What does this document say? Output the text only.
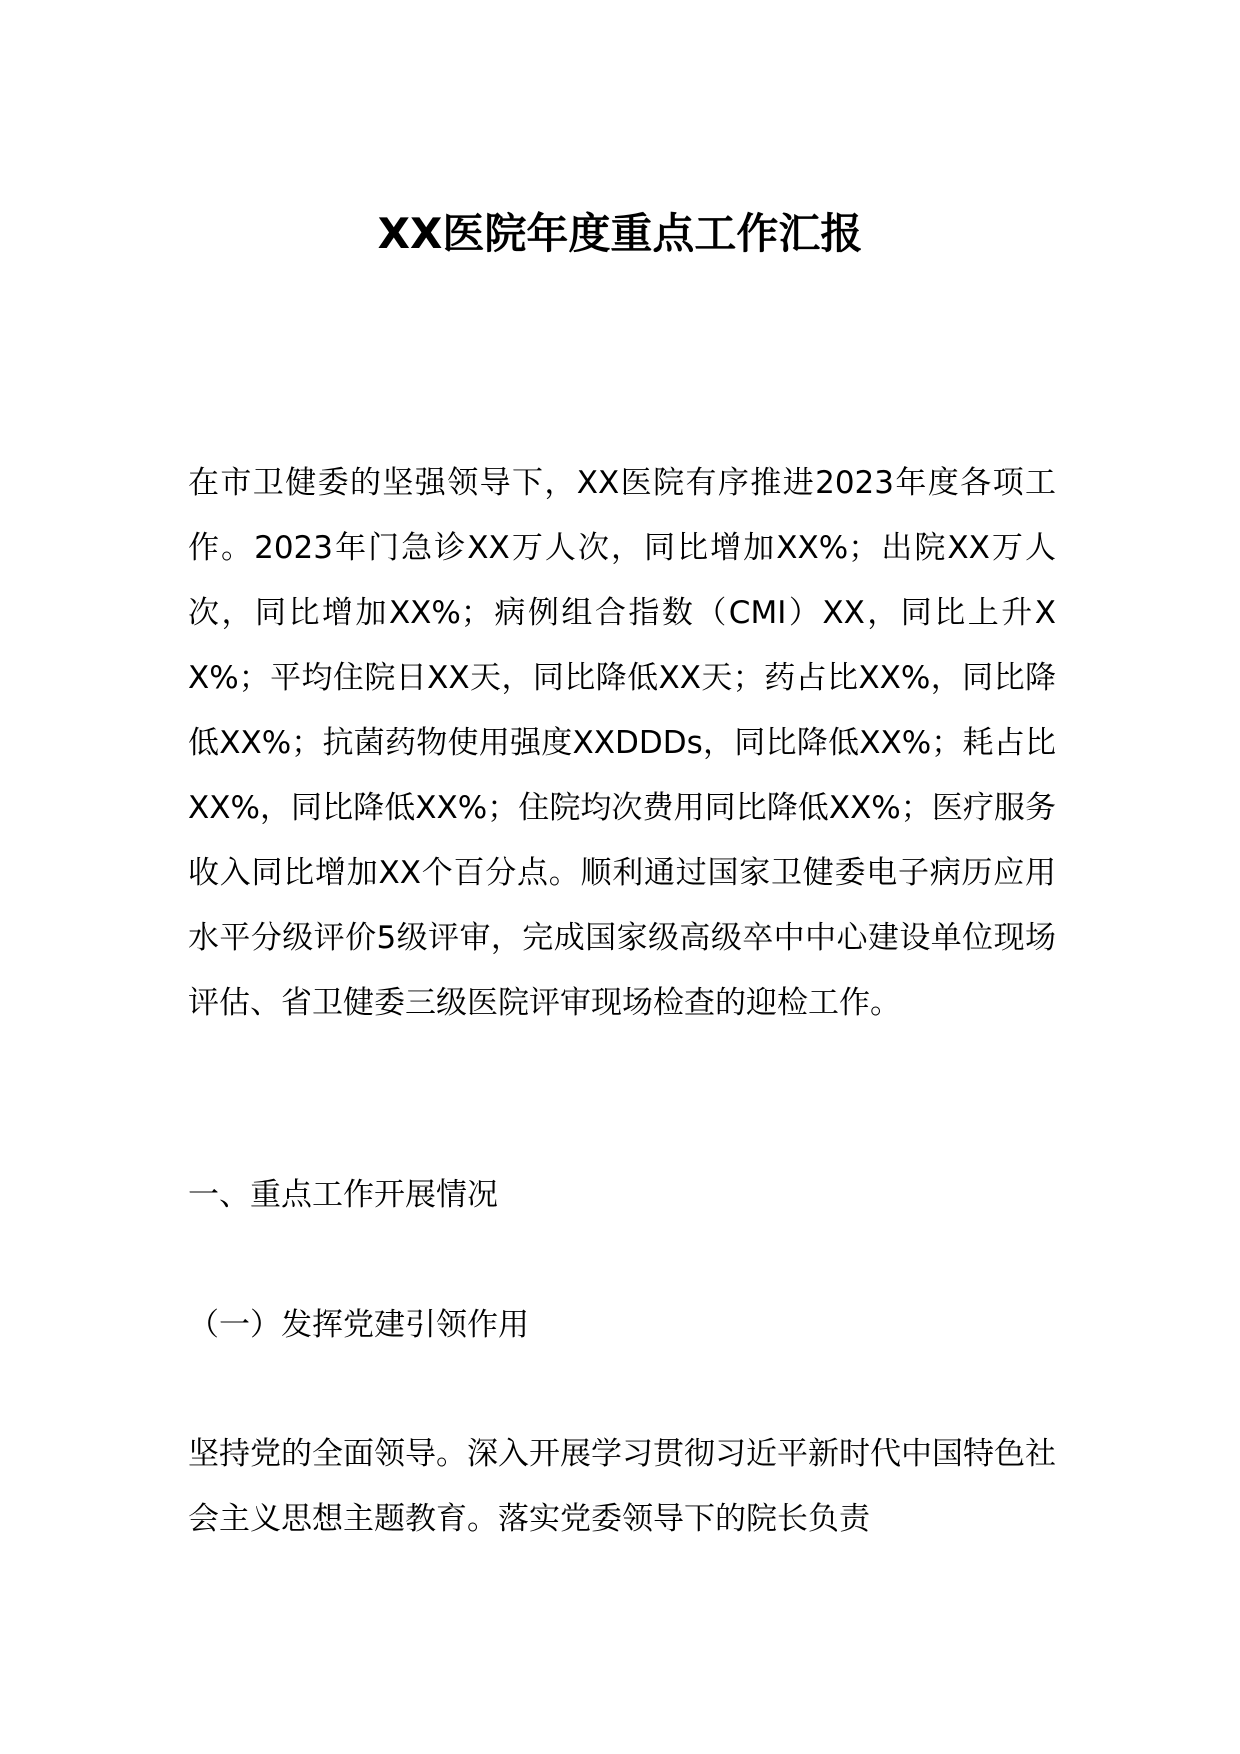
XX医院年度重点工作汇报

在市卫健委的坚强领导下，XX医院有序推进2023年度各项工作。2023年门急诊XX万人次，同比增加XX%；出院XX万人次，同比增加XX%；病例组合指数（CMI）XX，同比上升XX%；平均住院日XX天，同比降低XX天；药占比XX%，同比降低XX%；抗菌药物使用强度XXDDDs，同比降低XX%；耗占比XX%，同比降低XX%；住院均次费用同比降低XX%；医疗服务收入同比增加XX个百分点。顺利通过国家卫健委电子病历应用水平分级评价5级评审，完成国家级高级卒中中心建设单位现场评估、省卫健委三级医院评审现场检查的迎检工作。

一、重点工作开展情况

（一）发挥党建引领作用

坚持党的全面领导。深入开展学习贯彻习近平新时代中国特色社会主义思想主题教育。落实党委领导下的院长负责
